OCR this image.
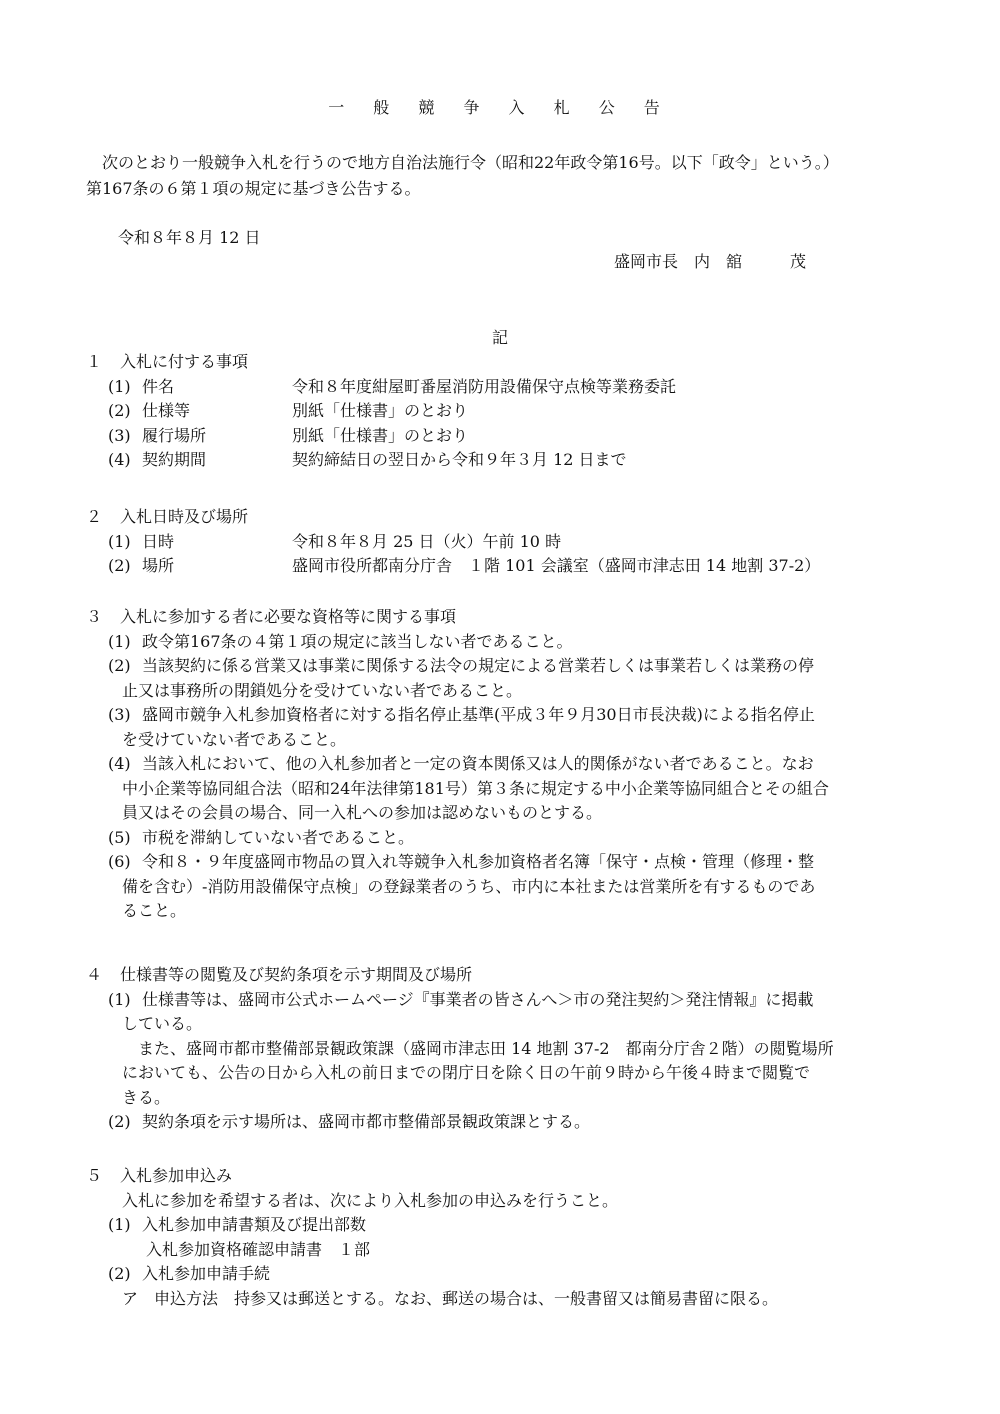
一 般 競 争 入 札 公 告
次のとおり一般競争入札を行うので地方自治法施行令（昭和22年政令第16号。以下「政令」という。）
第167条の６第１項の規定に基づき公告する。
令和８年８月 12 日
盛岡市長　内　舘　　　茂
記
１ 入札に付する事項
(1) 件名	令和８年度紺屋町番屋消防用設備保守点検等業務委託
(2) 仕様等	別紙「仕様書」のとおり
(3) 履行場所	別紙「仕様書」のとおり
(4) 契約期間	契約締結日の翌日から令和９年３月 12 日まで
２ 入札日時及び場所
(1) 日時	令和８年８月 25 日（火）午前 10 時
(2) 場所	盛岡市役所都南分庁舎　１階 101 会議室（盛岡市津志田 14 地割 37-2）
３ 入札に参加する者に必要な資格等に関する事項
(1) 政令第167条の４第１項の規定に該当しない者であること。
(2) 当該契約に係る営業又は事業に関係する法令の規定による営業若しくは事業若しくは業務の停
止又は事務所の閉鎖処分を受けていない者であること。
(3) 盛岡市競争入札参加資格者に対する指名停止基準(平成３年９月30日市長決裁)による指名停止
を受けていない者であること。
(4) 当該入札において、他の入札参加者と一定の資本関係又は人的関係がない者であること。なお
中小企業等協同組合法（昭和24年法律第181号）第３条に規定する中小企業等協同組合とその組合
員又はその会員の場合、同一入札への参加は認めないものとする。
(5) 市税を滞納していない者であること。
(6) 令和８・９年度盛岡市物品の買入れ等競争入札参加資格者名簿「保守・点検・管理（修理・整
備を含む）-消防用設備保守点検」の登録業者のうち、市内に本社または営業所を有するものであ
ること。
４ 仕様書等の閲覧及び契約条項を示す期間及び場所
(1) 仕様書等は、盛岡市公式ホームページ『事業者の皆さんへ＞市の発注契約＞発注情報』に掲載
している。
また、盛岡市都市整備部景観政策課（盛岡市津志田 14 地割 37-2　都南分庁舎２階）の閲覧場所
においても、公告の日から入札の前日までの閉庁日を除く日の午前９時から午後４時まで閲覧で
きる。
(2) 契約条項を示す場所は、盛岡市都市整備部景観政策課とする。
５ 入札参加申込み
入札に参加を希望する者は、次により入札参加の申込みを行うこと。
(1) 入札参加申請書類及び提出部数
入札参加資格確認申請書　１部
(2) 入札参加申請手続
ア　申込方法　持参又は郵送とする。なお、郵送の場合は、一般書留又は簡易書留に限る。
